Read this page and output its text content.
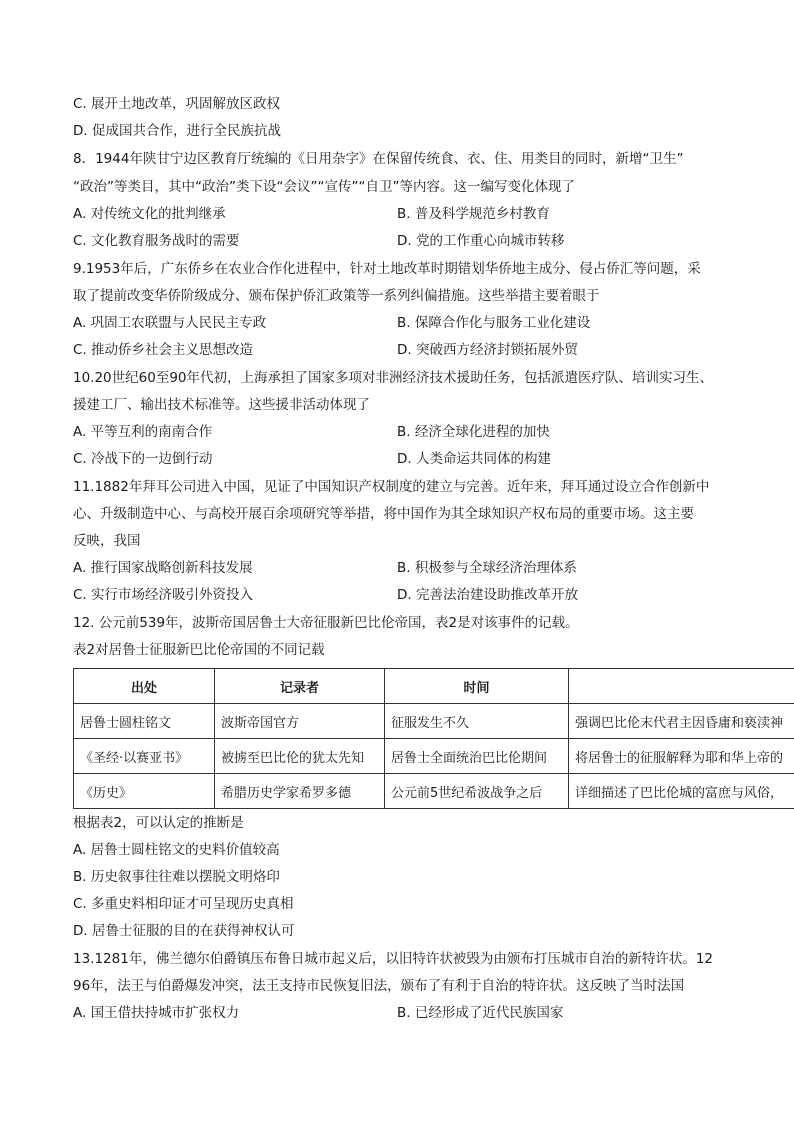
C. 展开土地改革，巩固解放区政权
D. 促成国共合作，进行全民族抗战
8．1944年陕甘宁边区教育厅统编的《日用杂字》在保留传统食、衣、住、用类目的同时，新增“卫生”
“政治”等类目，其中“政治”类下设“会议”“宣传”“自卫”等内容。这一编写变化体现了
A. 对传统文化的批判继承	B. 普及科学规范乡村教育
C. 文化教育服务战时的需要	D. 党的工作重心向城市转移
9.1953年后，广东侨乡在农业合作化进程中，针对土地改革时期错划华侨地主成分、侵占侨汇等问题，采
取了提前改变华侨阶级成分、颁布保护侨汇政策等一系列纠偏措施。这些举措主要着眼于
A. 巩固工农联盟与人民民主专政	B. 保障合作化与服务工业化建设
C. 推动侨乡社会主义思想改造	D. 突破西方经济封锁拓展外贸
10.20世纪60至90年代初，上海承担了国家多项对非洲经济技术援助任务，包括派遣医疗队、培训实习生、
援建工厂、输出技术标准等。这些援非活动体现了
A. 平等互利的南南合作	B. 经济全球化进程的加快
C. 冷战下的一边倒行动	D. 人类命运共同体的构建
11.1882年拜耳公司进入中国，见证了中国知识产权制度的建立与完善。近年来，拜耳通过设立合作创新中
心、升级制造中心、与高校开展百余项研究等举措，将中国作为其全球知识产权布局的重要市场。这主要
反映，我国
A. 推行国家战略创新科技发展	B. 积极参与全球经济治理体系
C. 实行市场经济吸引外资投入	D. 完善法治建设助推改革开放
12. 公元前539年，波斯帝国居鲁士大帝征服新巴比伦帝国，表2是对该事件的记载。
表2对居鲁士征服新巴比伦帝国的不同记载
出处	记录者	时间	
居鲁士圆柱铭文	波斯帝国官方	征服发生不久	强调巴比伦末代君主因昏庸和亵渎神
《圣经·以赛亚书》	被掳至巴比伦的犹太先知	居鲁士全面统治巴比伦期间	将居鲁士的征服解释为耶和华上帝的
《历史》	希腊历史学家希罗多德	公元前5世纪希波战争之后	详细描述了巴比伦城的富庶与风俗，
根据表2，可以认定的推断是
A. 居鲁士圆柱铭文的史料价值较高
B. 历史叙事往往难以摆脱文明烙印
C. 多重史料相印证才可呈现历史真相
D. 居鲁士征服的目的在获得神权认可
13.1281年，佛兰德尔伯爵镇压布鲁日城市起义后，以旧特许状被毁为由颁布打压城市自治的新特许状。12
96年，法王与伯爵爆发冲突，法王支持市民恢复旧法，颁布了有利于自治的特许状。这反映了当时法国
A. 国王借扶持城市扩张权力	B. 已经形成了近代民族国家
